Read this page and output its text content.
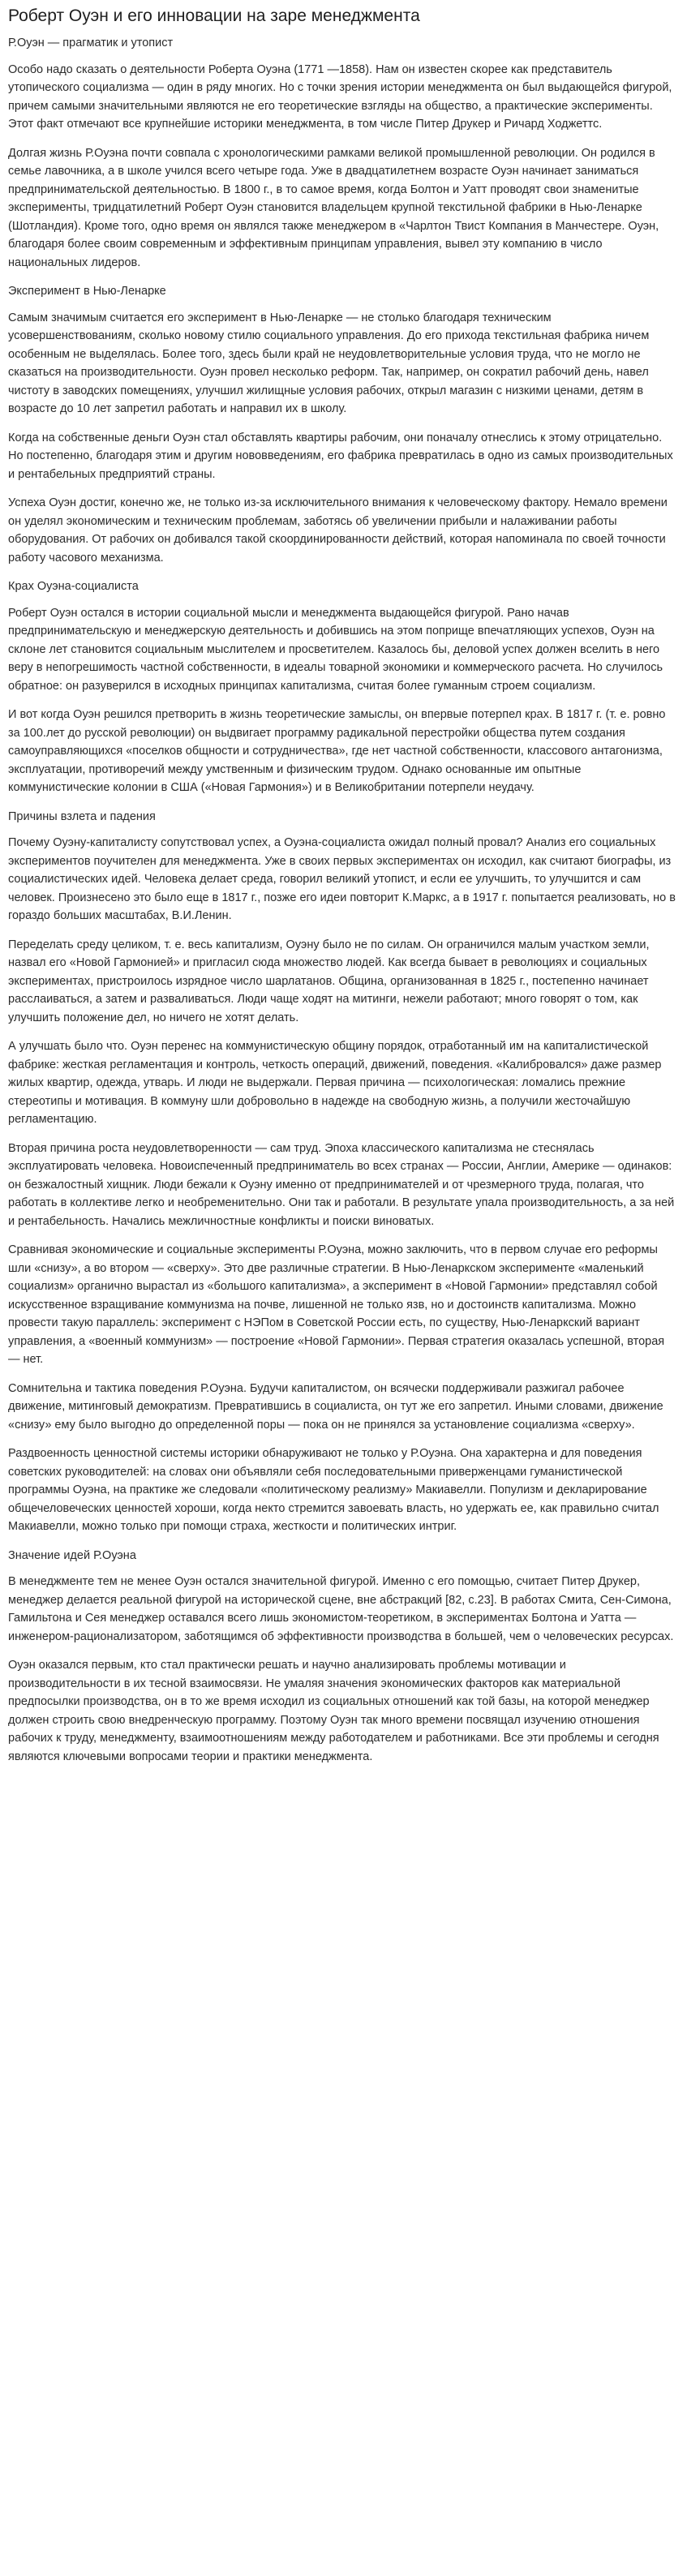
Роберт Оуэн и его инновации на заре менеджмента
Р.Оуэн — прагматик и утопист

Особо надо сказать о деятельности Роберта Оуэна (1771 —1858). Нам он известен скорее как представитель утопического социализма — один в ряду многих. Но с точки зрения истории менеджмента он был выдающейся фигурой, причем самыми значительными являются не его теоретические взгляды на общество, а практические эксперименты. Этот факт отмечают все крупнейшие историки менеджмента, в том числе Питер Друкер и Ричард Ходжеттс.

Долгая жизнь Р.Оуэна почти совпала с хронологическими рамками великой промышленной революции. Он родился в семье лавочника, а в школе учился всего четыре года. Уже в двадцатилетнем возрасте Оуэн начинает заниматься предпринимательской деятельностью. В 1800 г., в то самое время, когда Болтон и Уатт проводят свои знаменитые эксперименты, тридцатилетний Роберт Оуэн становится владельцем крупной текстильной фабрики в Нью-Ленарке (Шотландия). Кроме того, одно время он являлся также менеджером в «Чарлтон Твист Компания в Манчестере. Оуэн, благодаря более своим современным и эффективным принципам управления, вывел эту компанию в число национальных лидеров.

Эксперимент в Нью-Ленарке

Самым значимым считается его эксперимент в Нью-Ленарке — не столько благодаря техническим усовершенствованиям, сколько новому стилю социального управления. До его прихода текстильная фабрика ничем особенным не выделялась. Более того, здесь были край не неудовлетворительные условия труда, что не могло не сказаться на производительности. Оуэн провел несколько реформ. Так, например, он сократил рабочий день, навел чистоту в заводских помещениях, улучшил жилищные условия рабочих, открыл магазин с низкими ценами, детям в возрасте до 10 лет запретил работать и направил их в школу.

Когда на собственные деньги Оуэн стал обставлять квартиры рабочим, они поначалу отнеслись к этому отрицательно. Но постепенно, благодаря этим и другим нововведениям, его фабрика превратилась в одно из самых производительных и рентабельных предприятий страны.

Успеха Оуэн достиг, конечно же, не только из-за исключительного внимания к человеческому фактору. Немало времени он уделял экономическим и техническим проблемам, заботясь об увеличении прибыли и налаживании работы оборудования. От рабочих он добивался такой скоординированности действий, которая напоминала по своей точности работу часового механизма.

Крах Оуэна-социалиста

Роберт Оуэн остался в истории социальной мысли и менеджмента выдающейся фигурой. Рано начав предпринимательскую и менеджерскую деятельность и добившись на этом поприще впечатляющих успехов, Оуэн на склоне лет становится социальным мыслителем и просветителем. Казалось бы, деловой успех должен вселить в него веру в непогрешимость частной собственности, в идеалы товарной экономики и коммерческого расчета. Но случилось обратное: он разуверился в исходных принципах капитализма, считая более гуманным строем социализм.

И вот когда Оуэн решился претворить в жизнь теоретические замыслы, он впервые потерпел крах. В 1817 г. (т. е. ровно за 100.лет до русской революции) он выдвигает программу радикальной перестройки общества путем создания самоуправляющихся «поселков общности и сотрудничества», где нет частной собственности, классового антагонизма, эксплуатации, противоречий между умственным и физическим трудом. Однако основанные им опытные коммунистические колонии в США («Новая Гармония») и в Великобритании потерпели неудачу.

Причины взлета и падения

Почему Оуэну-капиталисту сопутствовал успех, а Оуэна-социалиста ожидал полный провал? Анализ его социальных экспериментов поучителен для менеджмента. Уже в своих первых экспериментах он исходил, как считают биографы, из социалистических идей. Человека делает среда, говорил великий утопист, и если ее улучшить, то улучшится и сам человек. Произнесено это было еще в 1817 г., позже его идеи повторит К.Маркс, а в 1917 г. попытается реализовать, но в гораздо больших масштабах, В.И.Ленин.

Переделать среду целиком, т. е. весь капитализм, Оуэну было не по силам. Он ограничился малым участком земли, назвал его «Новой Гармонией» и пригласил сюда множество людей. Как всегда бывает в революциях и социальных экспериментах, пристроилось изрядное число шарлатанов. Община, организованная в 1825 г., постепенно начинает расслаиваться, а затем и разваливаться. Люди чаще ходят на митинги, нежели работают; много говорят о том, как улучшить положение дел, но ничего не хотят делать.

А улучшать было что. Оуэн перенес на коммунистическую общину порядок, отработанный им на капиталистической фабрике: жесткая регламентация и контроль, четкость операций, движений, поведения. «Калибровался» даже размер жилых квартир, одежда, утварь. И люди не выдержали. Первая причина — психологическая: ломались прежние стереотипы и мотивация. В коммуну шли добровольно в надежде на свободную жизнь, а получили жесточайшую регламентацию.

Вторая причина роста неудовлетворенности — сам труд. Эпоха классического капитализма не стеснялась эксплуатировать человека. Новоиспеченный предприниматель во всех странах — России, Англии, Америке — одинаков: он безжалостный хищник. Люди бежали к Оуэну именно от предпринимателей и от чрезмерного труда, полагая, что работать в коллективе легко и необременительно. Они так и работали. В результате упала производительность, а за ней и рентабельность. Начались межличностные конфликты и поиски виноватых.

Сравнивая экономические и социальные эксперименты Р.Оуэна, можно заключить, что в первом случае его реформы шли «снизу», а во втором — «сверху». Это две различные стратегии. В Нью-Ленаркском эксперименте «маленький социализм» органично вырастал из «большого капитализма», а эксперимент в «Новой Гармонии» представлял собой искусственное взращивание коммунизма на почве, лишенной не только язв, но и достоинств капитализма. Можно провести такую параллель: эксперимент с НЭПом в Советской России есть, по существу, Нью-Ленаркский вариант управления, а «военный коммунизм» — построение «Новой Гармонии». Первая стратегия оказалась успешной, вторая — нет.

Сомнительна и тактика поведения Р.Оуэна. Будучи капиталистом, он всячески поддерживали разжигал рабочее движение, митинговый демократизм. Превратившись в социалиста, он тут же его запретил. Иными словами, движение «снизу» ему было выгодно до определенной поры — пока он не принялся за установление социализма «сверху».

Раздвоенность ценностной системы историки обнаруживают не только у Р.Оуэна. Она характерна и для поведения советских руководителей: на словах они объявляли себя последовательными приверженцами гуманистической программы Оуэна, на практике же следовали «политическому реализму» Макиавелли. Популизм и декларирование общечеловеческих ценностей хороши, когда некто стремится завоевать власть, но удержать ее, как правильно считал Макиавелли, можно только при помощи страха, жесткости и политических интриг.

Значение идей Р.Оуэна

В менеджменте тем не менее Оуэн остался значительной фигурой. Именно с его помощью, считает Питер Друкер, менеджер делается реальной фигурой на исторической сцене, вне абстракций [82, с.23]. В работах Смита, Сен-Симона, Гамильтона и Сея менеджер оставался всего лишь экономистом-теоретиком, в экспериментах Болтона и Уатта — инженером-рационализатором, заботящимся об эффективности производства в большей, чем о человеческих ресурсах.

Оуэн оказался первым, кто стал практически решать и научно анализировать проблемы мотивации и производительности в их тесной взаимосвязи. Не умаляя значения экономических факторов как материальной предпосылки производства, он в то же время исходил из социальных отношений как той базы, на которой менеджер должен строить свою внедренческую программу. Поэтому Оуэн так много времени посвящал изучению отношения рабочих к труду, менеджменту, взаимоотношениям между работодателем и работниками. Все эти проблемы и сегодня являются ключевыми вопросами теории и практики менеджмента.
